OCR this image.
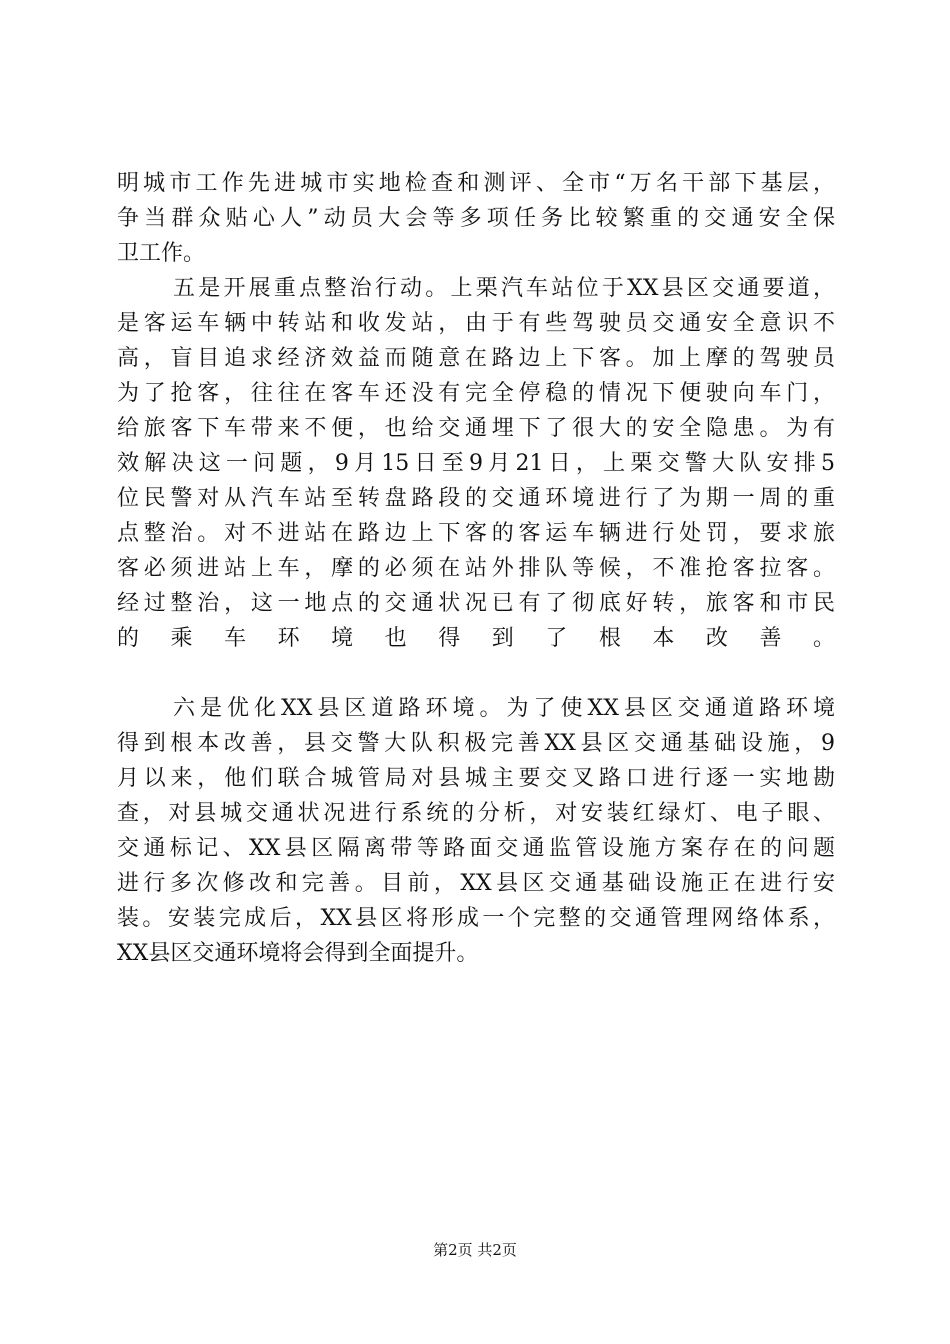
明城市工作先进城市实地检查和测评、全市“万名干部下基层，
争当群众贴心人”动员大会等多项任务比较繁重的交通安全保
卫工作。
五是开展重点整治行动。上栗汽车站位于XX县区交通要道，
是客运车辆中转站和收发站，由于有些驾驶员交通安全意识不
高，盲目追求经济效益而随意在路边上下客。加上摩的驾驶员
为了抢客，往往在客车还没有完全停稳的情况下便驶向车门，
给旅客下车带来不便，也给交通埋下了很大的安全隐患。为有
效解决这一问题，9月15日至9月21日，上栗交警大队安排5
位民警对从汽车站至转盘路段的交通环境进行了为期一周的重
点整治。对不进站在路边上下客的客运车辆进行处罚，要求旅
客必须进站上车，摩的必须在站外排队等候，不准抢客拉客。
经过整治，这一地点的交通状况已有了彻底好转，旅客和市民
的乘车环境也得到了根本改善。
六是优化XX县区道路环境。为了使XX县区交通道路环境
得到根本改善，县交警大队积极完善XX县区交通基础设施，9
月以来，他们联合城管局对县城主要交叉路口进行逐一实地勘
查，对县城交通状况进行系统的分析，对安装红绿灯、电子眼、
交通标记、XX县区隔离带等路面交通监管设施方案存在的问题
进行多次修改和完善。目前，XX县区交通基础设施正在进行安
装。安装完成后，XX县区将形成一个完整的交通管理网络体系，
XX县区交通环境将会得到全面提升。
第2页 共2页
